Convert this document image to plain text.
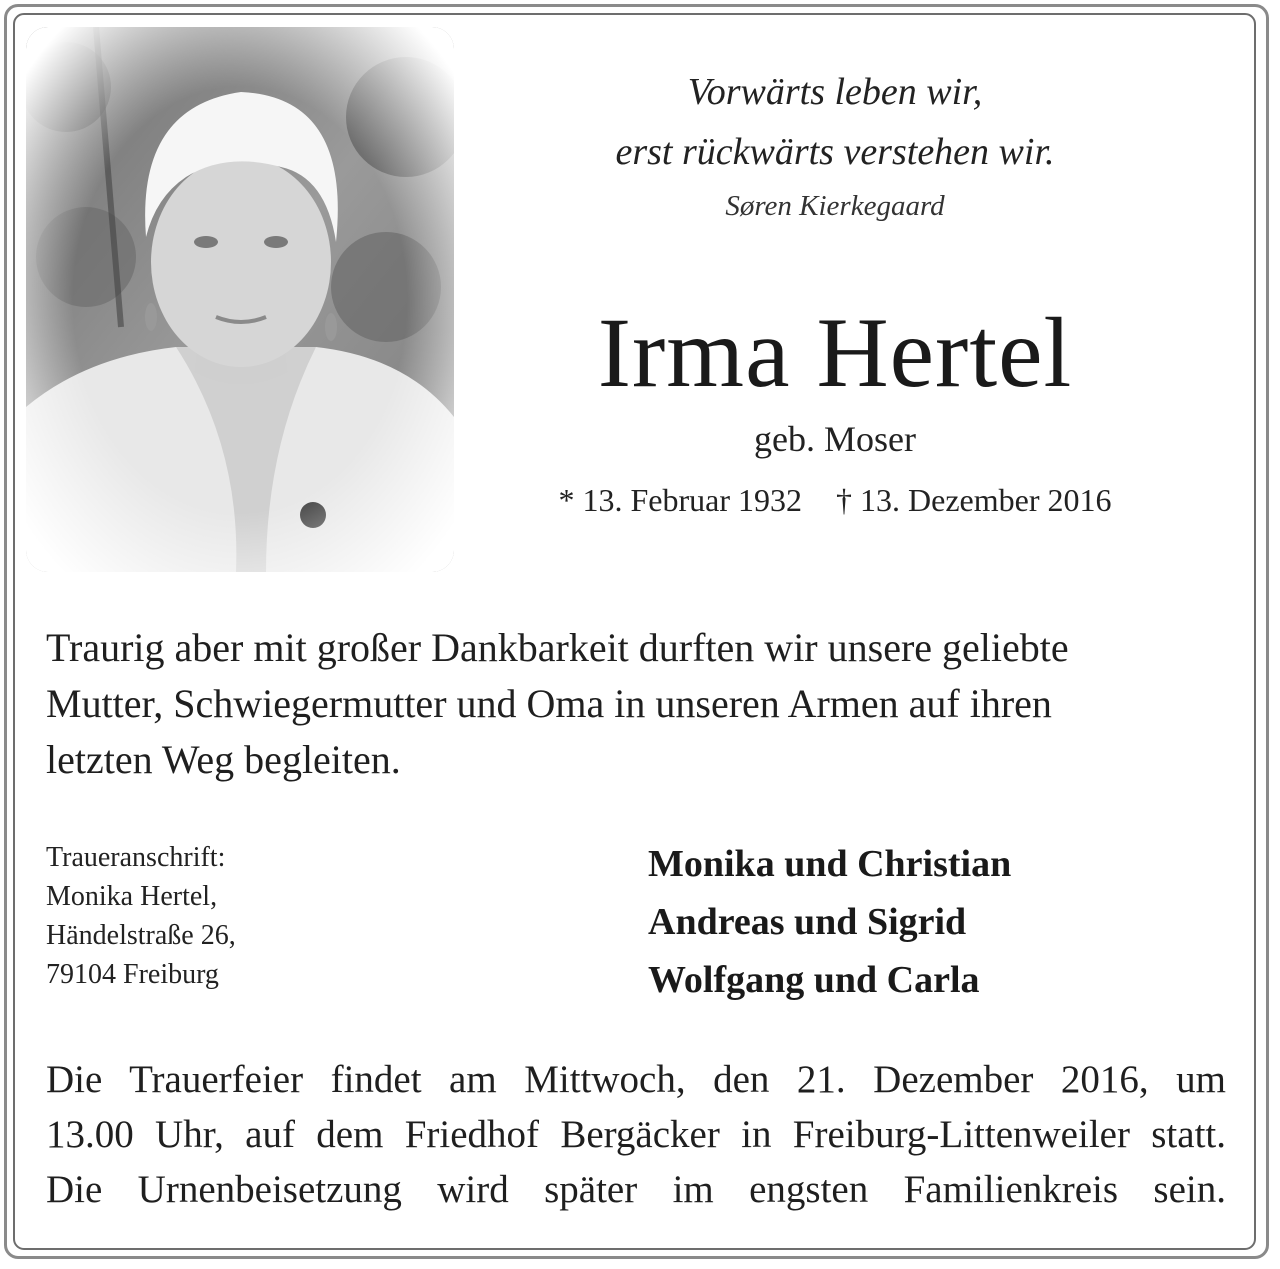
Vorwärts leben wir,
erst rückwärts verstehen wir.
Søren Kierkegaard
Irma Hertel
geb. Moser
* 13. Februar 1932 † 13. Dezember 2016
Traurig aber mit großer Dankbarkeit durften wir unsere geliebte
Mutter, Schwiegermutter und Oma in unseren Armen auf ihren
letzten Weg begleiten.
Traueranschrift:
Monika Hertel,
Händelstraße 26,
79104 Freiburg
Monika und Christian
Andreas und Sigrid
Wolfgang und Carla
Die Trauerfeier findet am Mittwoch, den 21. Dezember 2016, um
13.00 Uhr, auf dem Friedhof Bergäcker in Freiburg-Littenweiler statt.
Die Urnenbeisetzung wird später im engsten Familienkreis sein.
